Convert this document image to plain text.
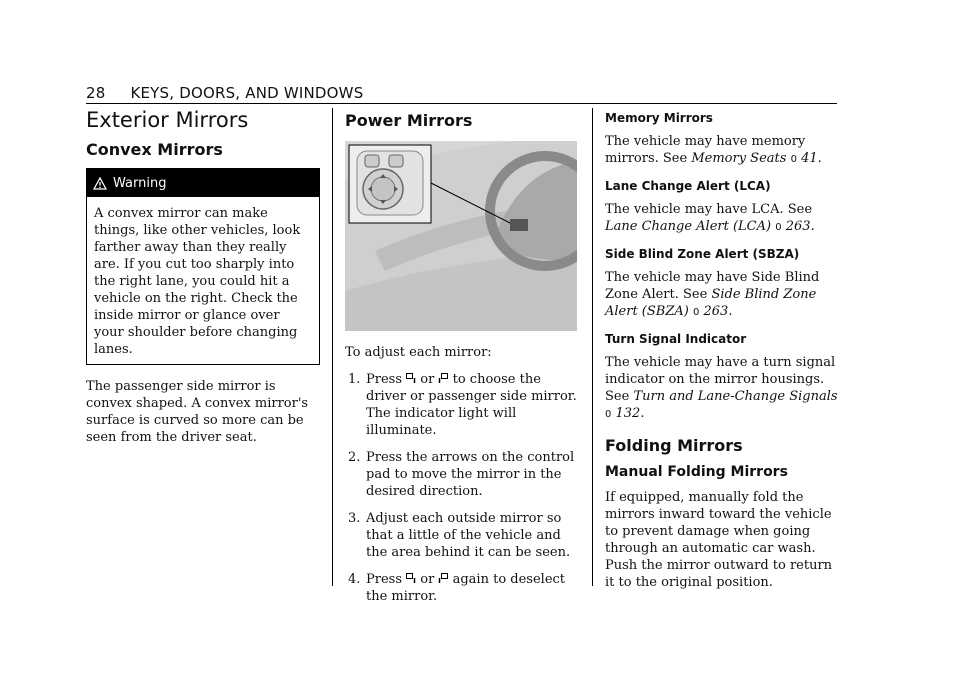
28 KEYS, DOORS, AND WINDOWS
Exterior Mirrors
Convex Mirrors
Warning
A convex mirror can make things, like other vehicles, look farther away than they really are. If you cut too sharply into the right lane, you could hit a vehicle on the right. Check the inside mirror or glance over your shoulder before changing lanes.

The passenger side mirror is convex shaped. A convex mirror's surface is curved so more can be seen from the driver seat.

Power Mirrors

To adjust each mirror:

1. Press or to choose the driver or passenger side mirror. The indicator light will illuminate.
2. Press the arrows on the control pad to move the mirror in the desired direction.
3. Adjust each outside mirror so that a little of the vehicle and the area behind it can be seen.
4. Press or again to deselect the mirror.
Memory Mirrors

The vehicle may have memory mirrors. See Memory Seats 0 41.

Lane Change Alert (LCA)

The vehicle may have LCA. See Lane Change Alert (LCA) 0 263.

Side Blind Zone Alert (SBZA)

The vehicle may have Side Blind Zone Alert. See Side Blind Zone Alert (SBZA) 0 263.

Turn Signal Indicator

The vehicle may have a turn signal indicator on the mirror housings. See Turn and Lane-Change Signals 0 132.

Folding Mirrors
Manual Folding Mirrors

If equipped, manually fold the mirrors inward toward the vehicle to prevent damage when going through an automatic car wash. Push the mirror outward to return it to the original position.
